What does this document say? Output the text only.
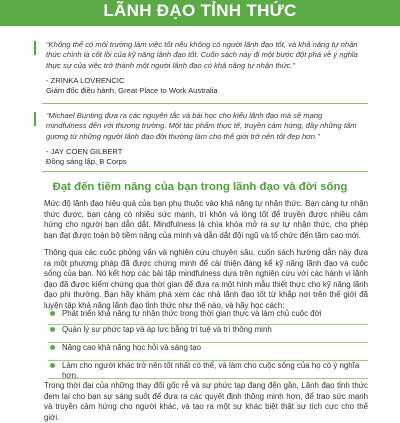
LÃNH ĐẠO TỈNH THỨC
“Không thể có môi trường làm việc tốt nếu không có người lãnh đạo tốt, và khả năng tự nhận thức chính là cốt lõi của kỹ năng lãnh đạo tốt. Cuốn sách này đi một bước đột phá về ý nghĩa thực sự của việc trở thành một người lãnh đạo có khả năng tự nhận thức.”
- ZRINKA LOVRENCIC
Giám đốc điều hành, Great Place to Work Australia
“Michael Bunting đưa ra các nguyên tắc và bài học cho kiểu lãnh đạo mà sẽ mang mindfulness đến với thương trường. Một tác phẩm thực tế, truyền cảm hứng, đầy những tấm gương từ những người lãnh đạo đời thường làm cho thế giới trở nên tốt đẹp hơn.”
- JAY COEN GILBERT
Đồng sáng lập, B Corps
Đạt đến tiềm năng của bạn trong lãnh đạo và đời sống
Mức độ lãnh đạo hiệu quả của bạn phụ thuộc vào khả năng tự nhận thức. Bạn càng tự nhận thức được, bạn càng có nhiều sức mạnh, trí khôn và lòng tốt để truyền được nhiều cảm hứng cho người bạn dẫn dắt. Mindfulness là chìa khóa mở ra sự tự nhận thức, cho phép bạn đạt được toàn bộ tiềm năng của mình và dẫn dắt đội ngũ và tổ chức đến tầm cao mới.
Thông qua các cuộc phỏng vấn và nghiên cứu chuyên sâu, cuốn sách hướng dẫn này đưa ra một phương pháp đã được chứng minh để cải thiện đáng kể kỹ năng lãnh đạo và cuộc sống của bạn. Nó kết hợp các bài tập mindfulness dựa trên nghiên cứu với các hành vi lãnh đạo đã được kiểm chứng qua thời gian để đưa ra một hình mẫu thiết thực cho kỹ năng lãnh đạo phi thường. Bạn hãy khám phá xem các nhà lãnh đạo tốt từ khắp nơi trên thế giới đã luyện tập khả năng lãnh đạo tỉnh thức như thế nào, và hãy học cách:
Phát triển khả năng tự nhận thức trong thời gian thực và làm chủ cuộc đời
Quản lý sự phức tạp và áp lực bằng trí tuệ và trí thông minh
Nâng cao khả năng học hỏi và sáng tạo
Làm cho người khác trở nên tốt nhất có thể, và làm cho cuộc sống của họ có ý nghĩa hơn.
Trong thời đại của những thay đổi gốc rễ và sự phức tạp đang đến gần, Lãnh đạo tỉnh thức đem lại cho bạn sự sáng suốt để đưa ra các quyết định thông minh hơn, để trao sức mạnh và truyền cảm hứng cho người khác, và tạo ra một sự khác biệt thật sự tích cực cho thế giới.
